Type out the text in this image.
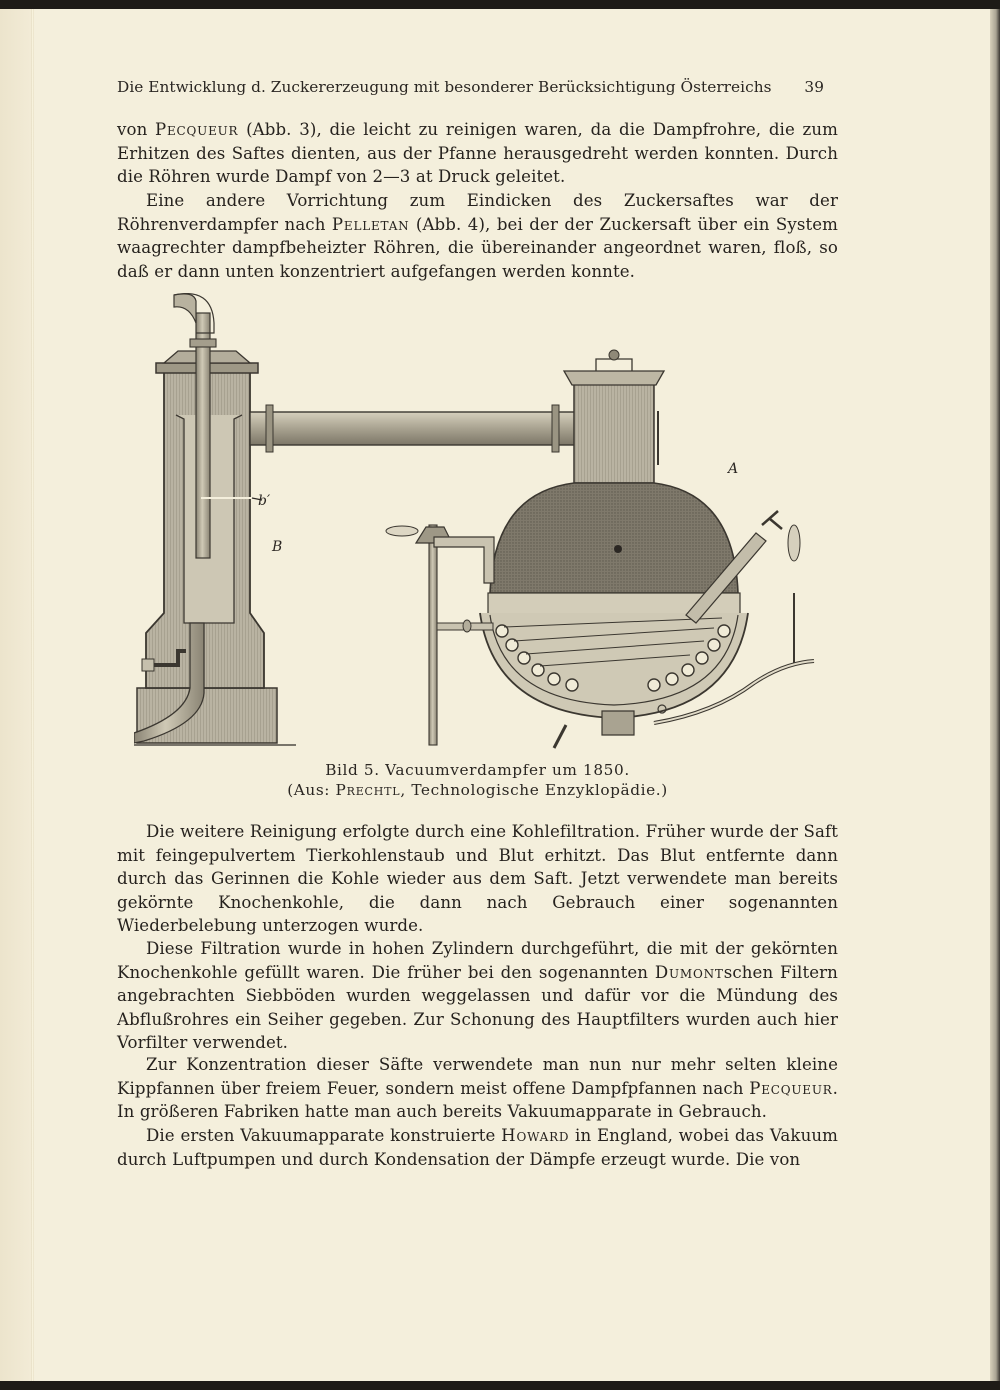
Die Entwicklung d. Zuckererzeugung mit besonderer Berücksichtigung Österreichs 39
von Pecqueur (Abb. 3), die leicht zu reinigen waren, da die Dampfrohre, die zum Erhitzen des Saftes dienten, aus der Pfanne herausgedreht werden konnten. Durch die Röhren wurde Dampf von 2—3 at Druck geleitet.
Eine andere Vorrichtung zum Eindicken des Zuckersaftes war der Röhrenverdampfer nach Pelletan (Abb. 4), bei der der Zuckersaft über ein System waagrechter dampfbeheizter Röhren, die übereinander angeordnet waren, floß, so daß er dann unten konzentriert aufgefangen werden konnte.
b′
B
A
Bild 5. Vacuumverdampfer um 1850.
(Aus: Prechtl, Technologische Enzyklopädie.)
Die weitere Reinigung erfolgte durch eine Kohlefiltration. Früher wurde der Saft mit feingepulvertem Tierkohlenstaub und Blut erhitzt. Das Blut entfernte dann durch das Gerinnen die Kohle wieder aus dem Saft. Jetzt verwendete man bereits gekörnte Knochenkohle, die dann nach Gebrauch einer sogenannten Wiederbelebung unterzogen wurde.
Diese Filtration wurde in hohen Zylindern durchgeführt, die mit der gekörnten Knochenkohle gefüllt waren. Die früher bei den sogenannten Dumontschen Filtern angebrachten Siebböden wurden weggelassen und dafür vor die Mündung des Abflußrohres ein Seiher gegeben. Zur Schonung des Hauptfilters wurden auch hier Vorfilter verwendet.
Zur Konzentration dieser Säfte verwendete man nun nur mehr selten kleine Kippfannen über freiem Feuer, sondern meist offene Dampfpfannen nach Pecqueur. In größeren Fabriken hatte man auch bereits Vakuumapparate in Gebrauch.
Die ersten Vakuumapparate konstruierte Howard in England, wobei das Vakuum durch Luftpumpen und durch Kondensation der Dämpfe erzeugt wurde. Die von
